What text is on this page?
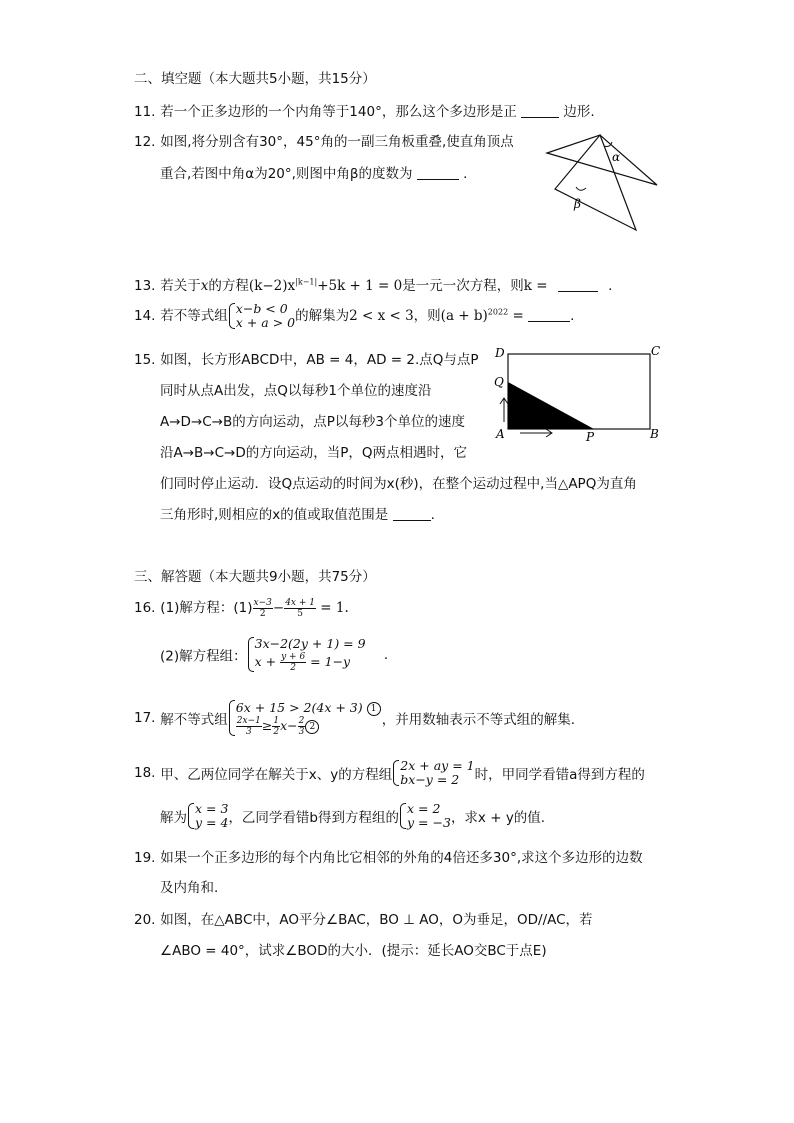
二、填空题（本大题共5小题，共15分）
11. 若一个正多边形的一个内角等于140°，那么这个多边形是正	边形.
12. 如图,将分别含有30°，45°角的一副三角板重叠,使直角顶点
重合,若图中角α为20°,则图中角β的度数为	.
α
β
13. 若关于x的方程$(k-2)x^{|k-1|}+5k + 1 = 0$是一元一次方程，则k =	.
14. 若不等式组 x−b < 0
x + a > 0 的解集为2 < x < 3，则$(a + b)^{2022}$ =	.
15. 如图，长方形ABCD中，AB = 4，AD = 2.点Q与点P
同时从点A出发，点Q以每秒1个单位的速度沿
A→D→C→B的方向运动，点P以每秒3个单位的速度
沿A→B→C→D的方向运动，当P，Q两点相遇时，它
们同时停止运动．设Q点运动的时间为x(秒)，在整个运动过程中,当△APQ为直角
三角形时,则相应的x的值或取值范围是	.
D	C
Q
A	P	B
三、解答题（本大题共9小题，共75分）
16. (1)解方程：$(1) \frac{x-3}{2} - \frac{4x + 1}{5} = 1$.
(2)解方程组：
3x−2(2y + 1) = 9
$x + \frac{y + 6}{2} = 1-y$	.
17. 解不等式组
6x + 15 > 2(4x + 3) 1
$\frac{2x-1}{3} \ge \frac{1}{2} x- \frac{2}{3} 2$	，并用数轴表示不等式组的解集.
18. 甲、乙两位同学在解关于x、y的方程组
2x + ay = 1
bx−y = 2	时，甲同学看错a得到方程的
解为
x = 3
y = 4 ，乙同学看错b得到方程组的
x = 2
y = −3 ，求x + y的值.
19. 如果一个正多边形的每个内角比它相邻的外角的4倍还多30°,求这个多边形的边数
及内角和.
20. 如图，在△ABC中，AO平分∠BAC，BO ⊥ AO，O为垂足，OD//AC，若
∠ABO = 40°，试求∠BOD的大小．(提示：延长AO交BC于点E)
